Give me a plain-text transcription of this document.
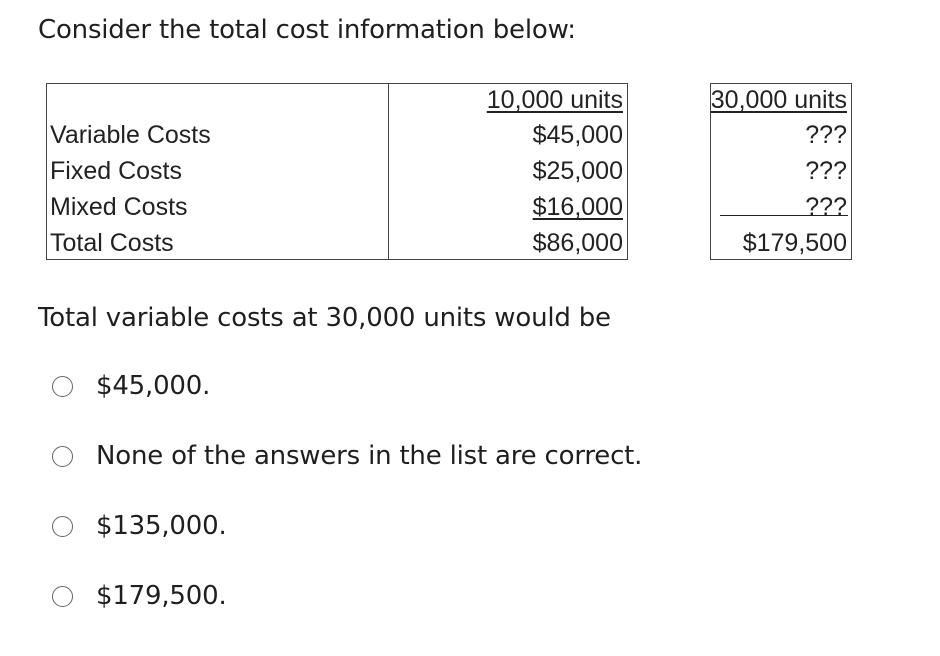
Consider the total cost information below:
Variable Costs
Fixed Costs
Mixed Costs
Total Costs
10,000 units
$45,000
$25,000
$16,000
$86,000
30,000 units
???
???
???
$179,500
Total variable costs at 30,000 units would be
$45,000.
None of the answers in the list are correct.
$135,000.
$179,500.
